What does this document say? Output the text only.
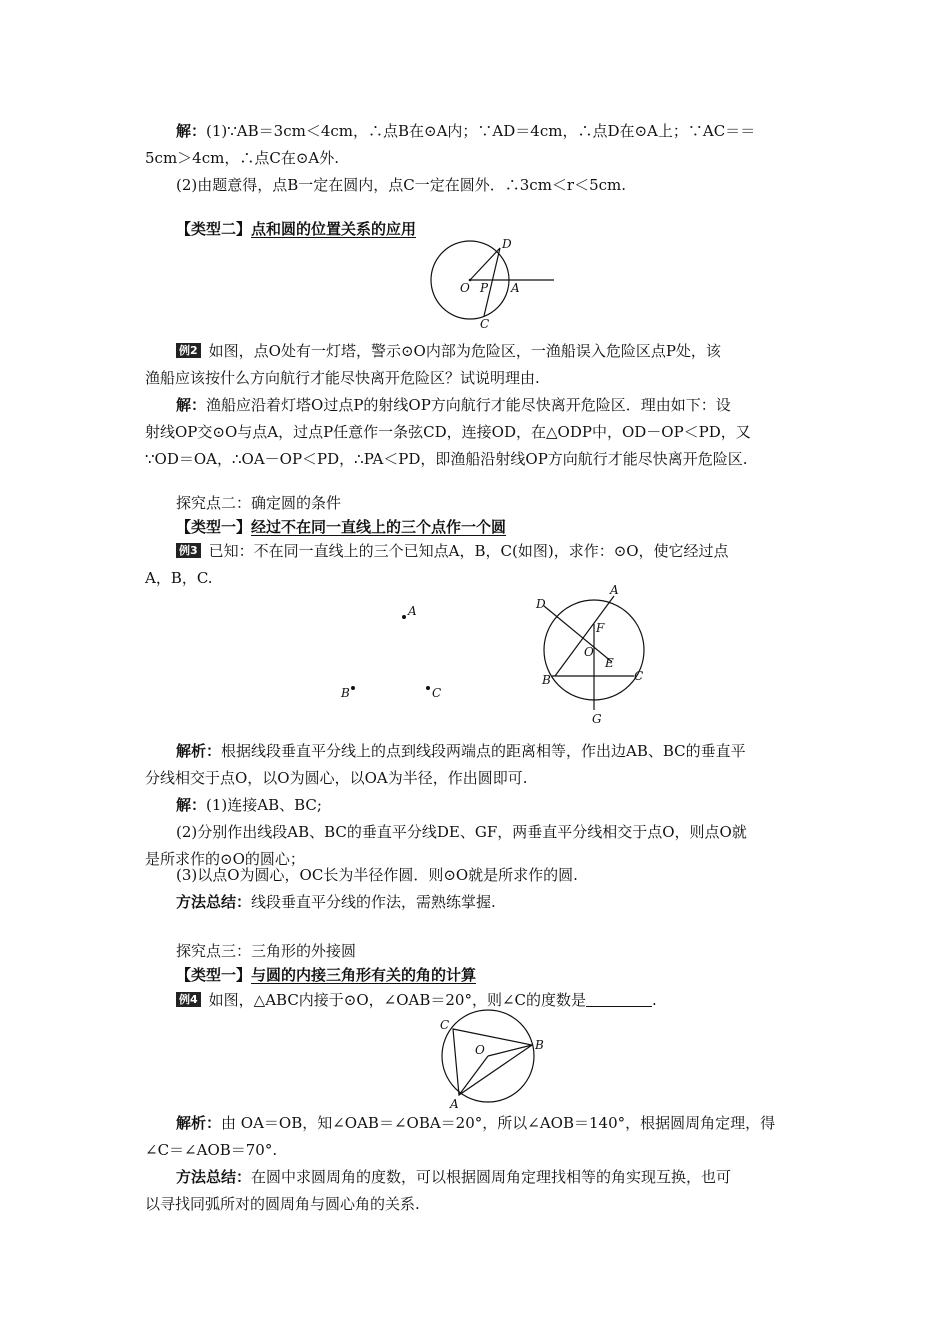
解：(1)∵AB＝3cm＜4cm，∴点B在⊙A内；∵AD＝4cm，∴点D在⊙A上；∵AC＝＝
5cm＞4cm，∴点C在⊙A外.
(2)由题意得，点B一定在圆内，点C一定在圆外．∴3cm＜r＜5cm.
【类型二】点和圆的位置关系的应用
D
O P A
C
例2 如图，点O处有一灯塔，警示⊙O内部为危险区，一渔船误入危险区点P处，该
渔船应该按什么方向航行才能尽快离开危险区？试说明理由.
解：渔船应沿着灯塔O过点P的射线OP方向航行才能尽快离开危险区．理由如下：设
射线OP交⊙O与点A，过点P任意作一条弦CD，连接OD，在△ODP中，OD－OP＜PD，又
∵OD＝OA，∴OA－OP＜PD，∴PA＜PD，即渔船沿射线OP方向航行才能尽快离开危险区.
探究点二：确定圆的条件
【类型一】经过不在同一直线上的三个点作一个圆
例3 已知：不在同一直线上的三个已知点A，B，C(如图)，求作：⊙O，使它经过点
A，B，C.
A
B	C
A
D
F
O
E
B	C
G
解析：根据线段垂直平分线上的点到线段两端点的距离相等，作出边AB、BC的垂直平
分线相交于点O，以O为圆心，以OA为半径，作出圆即可.
解：(1)连接AB、BC;
(2)分别作出线段AB、BC的垂直平分线DE、GF，两垂直平分线相交于点O，则点O就
是所求作的⊙O的圆心；
(3)以点O为圆心，OC长为半径作圆．则⊙O就是所求作的圆.
方法总结：线段垂直平分线的作法，需熟练掌握.
探究点三：三角形的外接圆
【类型一】与圆的内接三角形有关的角的计算
例4 如图，△ABC内接于⊙O，∠OAB＝20°，则∠C的度数是	.
C
O	B
A
解析：由 OA＝OB，知∠OAB＝∠OBA＝20°，所以∠AOB＝140°，根据圆周角定理，得
∠C＝∠AOB＝70°.
方法总结：在圆中求圆周角的度数，可以根据圆周角定理找相等的角实现互换，也可
以寻找同弧所对的圆周角与圆心角的关系.
